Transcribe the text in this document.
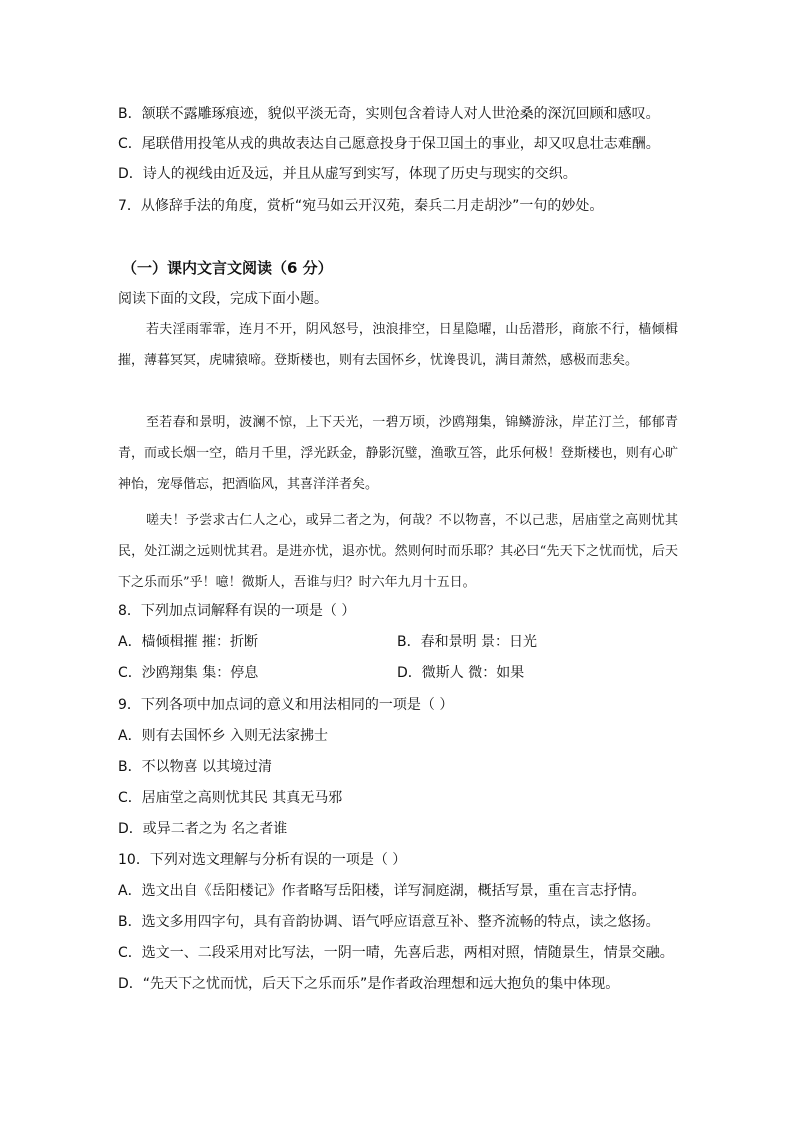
B．颔联不露雕琢痕迹，貌似平淡无奇，实则包含着诗人对人世沧桑的深沉回顾和感叹。
C．尾联借用投笔从戎的典故表达自己愿意投身于保卫国土的事业，却又叹息壮志难酬。
D．诗人的视线由近及远，并且从虚写到实写，体现了历史与现实的交织。
7．从修辞手法的角度，赏析“宛马如云开汉苑，秦兵二月走胡沙”一句的妙处。
（一）课内文言文阅读（6 分）
阅读下面的文段，完成下面小题。
若夫淫雨霏霏，连月不开，阴风怒号，浊浪排空，日星隐曜，山岳潜形，商旅不行，樯倾楫摧，薄暮冥冥，虎啸猿啼。登斯楼也，则有去国怀乡，忧谗畏讥，满目萧然，感极而悲矣。
至若春和景明，波澜不惊，上下天光，一碧万顷，沙鸥翔集，锦鳞游泳，岸芷汀兰，郁郁青青，而或长烟一空，皓月千里，浮光跃金，静影沉璧，渔歌互答，此乐何极！登斯楼也，则有心旷神怡，宠辱偕忘，把酒临风，其喜洋洋者矣。
嗟夫！予尝求古仁人之心，或异二者之为，何哉？不以物喜，不以己悲，居庙堂之高则忧其民，处江湖之远则忧其君。是进亦忧，退亦忧。然则何时而乐耶？其必曰“先天下之忧而忧，后天下之乐而乐”乎！噫！微斯人，吾谁与归？时六年九月十五日。
8．下列加点词解释有误的一项是（ ）
A．樯倾楫摧 摧：折断	B．春和景明 景：日光
C．沙鸥翔集 集：停息	D．微斯人 微：如果
9．下列各项中加点词的意义和用法相同的一项是（ ）
A．则有去国怀乡 入则无法家拂士
B．不以物喜 以其境过清
C．居庙堂之高则忧其民 其真无马邪
D．或异二者之为 名之者谁
10．下列对选文理解与分析有误的一项是（ ）
A．选文出自《岳阳楼记》作者略写岳阳楼，详写洞庭湖，概括写景，重在言志抒情。
B．选文多用四字句，具有音韵协调、语气呼应语意互补、整齐流畅的特点，读之悠扬。
C．选文一、二段采用对比写法，一阴一晴，先喜后悲，两相对照，情随景生，情景交融。
D．“先天下之忧而忧，后天下之乐而乐”是作者政治理想和远大抱负的集中体现。
